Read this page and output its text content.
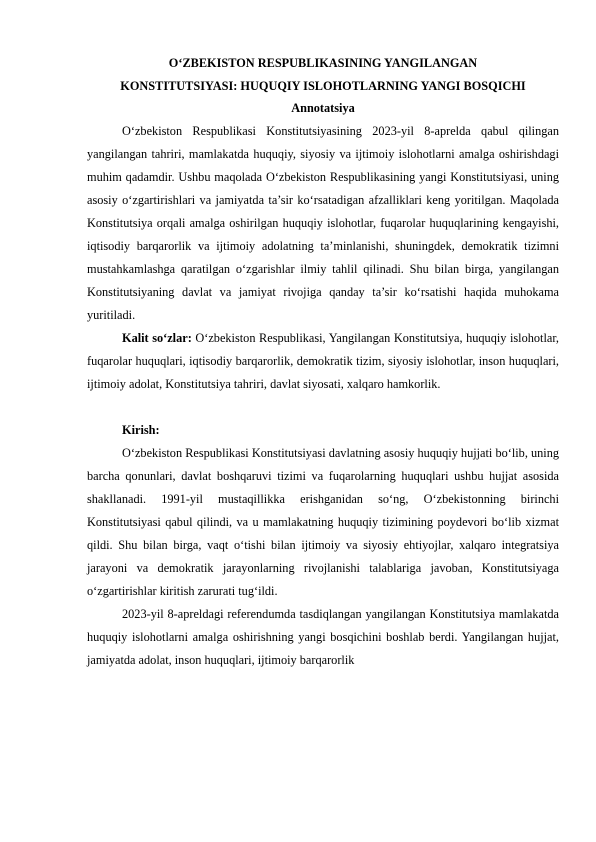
O‘ZBEKISTON RESPUBLIKASINING YANGILANGAN
KONSTITUTSIYASI: HUQUQIY ISLOHOTLARNING YANGI BOSQICHI
Annotatsiya

O‘zbekiston Respublikasi Konstitutsiyasining 2023-yil 8-aprelda qabul qilingan yangilangan tahriri, mamlakatda huquqiy, siyosiy va ijtimoiy islohotlarni amalga oshirishdagi muhim qadamdir. Ushbu maqolada O‘zbekiston Respublikasining yangi Konstitutsiyasi, uning asosiy o‘zgartirishlari va jamiyatda ta’sir ko‘rsatadigan afzalliklari keng yoritilgan. Maqolada Konstitutsiya orqali amalga oshirilgan huquqiy islohotlar, fuqarolar huquqlarining kengayishi, iqtisodiy barqarorlik va ijtimoiy adolatning ta’minlanishi, shuningdek, demokratik tizimni mustahkamlashga qaratilgan o‘zgarishlar ilmiy tahlil qilinadi. Shu bilan birga, yangilangan Konstitutsiyaning davlat va jamiyat rivojiga qanday ta’sir ko‘rsatishi haqida muhokama yuritiladi.

Kalit so‘zlar: O‘zbekiston Respublikasi, Yangilangan Konstitutsiya, huquqiy islohotlar, fuqarolar huquqlari, iqtisodiy barqarorlik, demokratik tizim, siyosiy islohotlar, inson huquqlari, ijtimoiy adolat, Konstitutsiya tahriri, davlat siyosati, xalqaro hamkorlik.

Kirish:

O‘zbekiston Respublikasi Konstitutsiyasi davlatning asosiy huquqiy hujjati bo‘lib, uning barcha qonunlari, davlat boshqaruvi tizimi va fuqarolarning huquqlari ushbu hujjat asosida shakllanadi. 1991-yil mustaqillikka erishganidan so‘ng, O‘zbekistonning birinchi Konstitutsiyasi qabul qilindi, va u mamlakatning huquqiy tizimining poydevori bo‘lib xizmat qildi. Shu bilan birga, vaqt o‘tishi bilan ijtimoiy va siyosiy ehtiyojlar, xalqaro integratsiya jarayoni va demokratik jarayonlarning rivojlanishi talablariga javoban, Konstitutsiyaga o‘zgartirishlar kiritish zarurati tug‘ildi.

2023-yil 8-apreldagi referendumda tasdiqlangan yangilangan Konstitutsiya mamlakatda huquqiy islohotlarni amalga oshirishning yangi bosqichini boshlab berdi. Yangilangan hujjat, jamiyatda adolat, inson huquqlari, ijtimoiy barqarorlik
